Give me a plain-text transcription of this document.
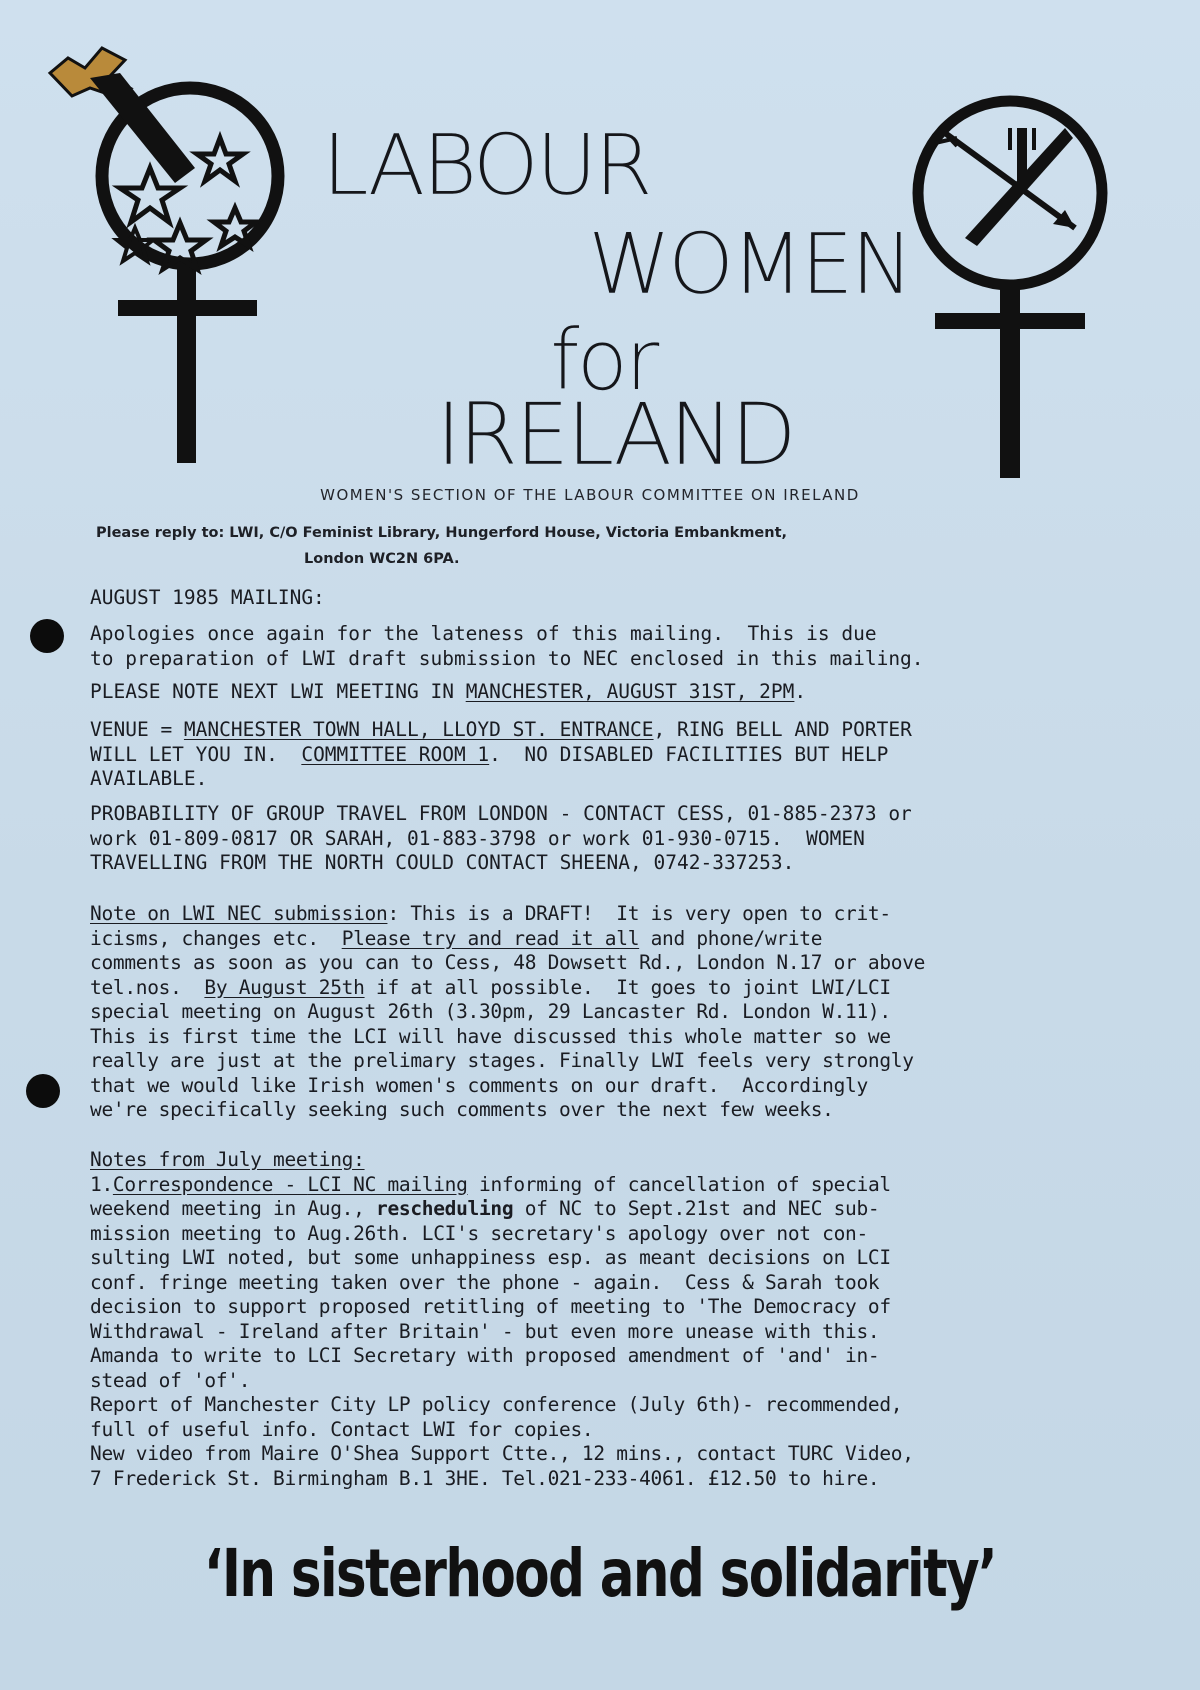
LABOUR
WOMEN
for
IRELAND
WOMEN'S SECTION OF THE LABOUR COMMITTEE ON IRELAND
Please reply to: LWI, C/O Feminist Library, Hungerford House, Victoria Embankment,
London WC2N 6PA.
AUGUST 1985 MAILING:
Apologies once again for the lateness of this mailing.  This is due
to preparation of LWI draft submission to NEC enclosed in this mailing.
PLEASE NOTE NEXT LWI MEETING IN MANCHESTER, AUGUST 31ST, 2PM.
VENUE = MANCHESTER TOWN HALL, LLOYD ST. ENTRANCE, RING BELL AND PORTER
WILL LET YOU IN.  COMMITTEE ROOM 1.  NO DISABLED FACILITIES BUT HELP
AVAILABLE.
PROBABILITY OF GROUP TRAVEL FROM LONDON - CONTACT CESS, 01-885-2373 or
work 01-809-0817 OR SARAH, 01-883-3798 or work 01-930-0715.  WOMEN
TRAVELLING FROM THE NORTH COULD CONTACT SHEENA, 0742-337253.
Note on LWI NEC submission: This is a DRAFT!  It is very open to crit-
icisms, changes etc.  Please try and read it all and phone/write
comments as soon as you can to Cess, 48 Dowsett Rd., London N.17 or above
tel.nos.  By August 25th if at all possible.  It goes to joint LWI/LCI
special meeting on August 26th (3.30pm, 29 Lancaster Rd. London W.11).
This is first time the LCI will have discussed this whole matter so we
really are just at the prelimary stages. Finally LWI feels very strongly
that we would like Irish women's comments on our draft.  Accordingly
we're specifically seeking such comments over the next few weeks.
Notes from July meeting:
1.Correspondence - LCI NC mailing informing of cancellation of special
weekend meeting in Aug., rescheduling of NC to Sept.21st and NEC sub-
mission meeting to Aug.26th. LCI's secretary's apology over not con-
sulting LWI noted, but some unhappiness esp. as meant decisions on LCI
conf. fringe meeting taken over the phone - again.  Cess & Sarah took
decision to support proposed retitling of meeting to 'The Democracy of
Withdrawal - Ireland after Britain' - but even more unease with this.
Amanda to write to LCI Secretary with proposed amendment of 'and' in-
stead of 'of'.
Report of Manchester City LP policy conference (July 6th)- recommended,
full of useful info. Contact LWI for copies.
New video from Maire O'Shea Support Ctte., 12 mins., contact TURC Video,
7 Frederick St. Birmingham B.1 3HE. Tel.021-233-4061. £12.50 to hire.
‘In sisterhood and solidarity’
